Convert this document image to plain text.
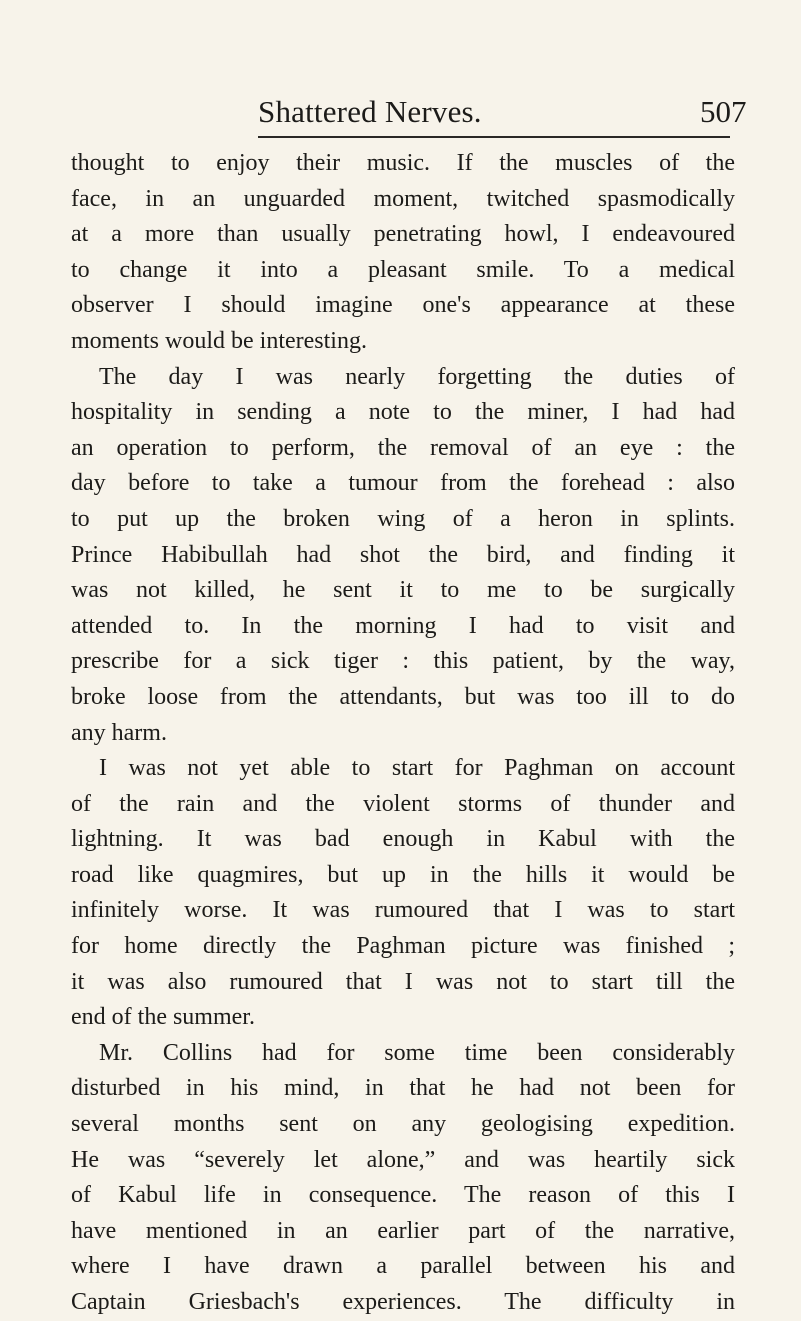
Shattered Nerves.	507
thought to enjoy their music. If the muscles of the
face, in an unguarded moment, twitched spasmodically
at a more than usually penetrating howl, I endeavoured
to change it into a pleasant smile. To a medical
observer I should imagine one's appearance at these
moments would be interesting.
The day I was nearly forgetting the duties of
hospitality in sending a note to the miner, I had had
an operation to perform, the removal of an eye : the
day before to take a tumour from the forehead : also
to put up the broken wing of a heron in splints.
Prince Habibullah had shot the bird, and finding it
was not killed, he sent it to me to be surgically
attended to. In the morning I had to visit and
prescribe for a sick tiger : this patient, by the way,
broke loose from the attendants, but was too ill to do
any harm.
I was not yet able to start for Paghman on account
of the rain and the violent storms of thunder and
lightning. It was bad enough in Kabul with the
road like quagmires, but up in the hills it would be
infinitely worse. It was rumoured that I was to start
for home directly the Paghman picture was finished ;
it was also rumoured that I was not to start till the
end of the summer.
Mr. Collins had for some time been considerably
disturbed in his mind, in that he had not been for
several months sent on any geologising expedition.
He was “severely let alone,” and was heartily sick
of Kabul life in consequence. The reason of this I
have mentioned in an earlier part of the narrative,
where I have drawn a parallel between his and
Captain Griesbach's experiences. The difficulty in
